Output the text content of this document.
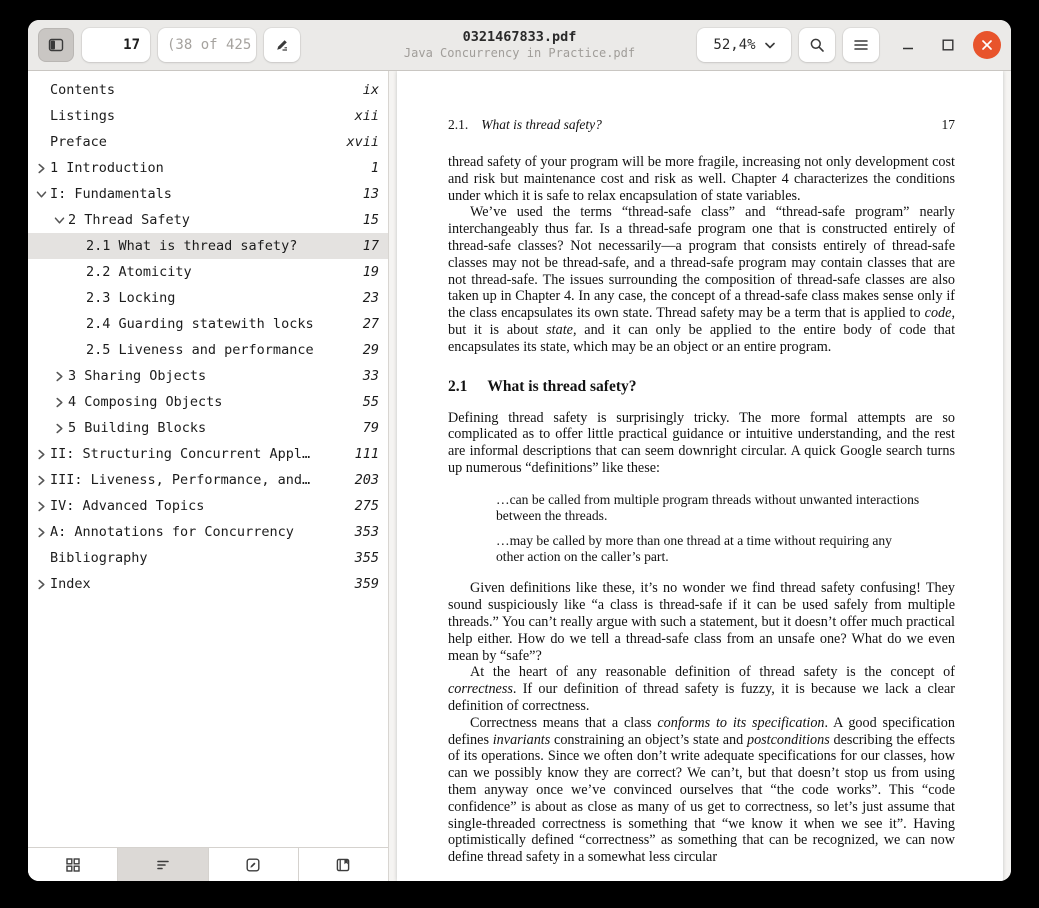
17
(38 of 425	0321467833.pdf
Java Concurrency in Practice.pdf	52,4%
Contents	ix
Listings	xii
Preface	xvii
1 Introduction	1
I: Fundamentals	13
2 Thread Safety	15
2.1 What is thread safety?	17
2.2 Atomicity	19
2.3 Locking	23
2.4 Guarding statewith locks	27
2.5 Liveness and performance	29
3 Sharing Objects	33
4 Composing Objects	55
5 Building Blocks	79
II: Structuring Concurrent Appl…	111
III: Liveness, Performance, and…	203
IV: Advanced Topics	275
A: Annotations for Concurrency	353
Bibliography	355
Index	359
2.1. What is thread safety?	17

thread safety of your program will be more fragile, increasing not only development cost and risk but maintenance cost and risk as well. Chapter 4 characterizes the conditions under which it is safe to relax encapsulation of state variables.

We’ve used the terms “thread-safe class” and “thread-safe program” nearly interchangeably thus far. Is a thread-safe program one that is constructed entirely of thread-safe classes? Not necessarily—a program that consists entirely of thread-safe classes may not be thread-safe, and a thread-safe program may contain classes that are not thread-safe. The issues surrounding the composition of thread-safe classes are also taken up in Chapter 4. In any case, the concept of a thread-safe class makes sense only if the class encapsulates its own state. Thread safety may be a term that is applied to code, but it is about state, and it can only be applied to the entire body of code that encapsulates its state, which may be an object or an entire program.

2.1 What is thread safety?

Defining thread safety is surprisingly tricky. The more formal attempts are so complicated as to offer little practical guidance or intuitive understanding, and the rest are informal descriptions that can seem downright circular. A quick Google search turns up numerous “definitions” like these:

…can be called from multiple program threads without unwanted interactions between the threads.

…may be called by more than one thread at a time without requiring any other action on the caller’s part.

Given definitions like these, it’s no wonder we find thread safety confusing! They sound suspiciously like “a class is thread-safe if it can be used safely from multiple threads.” You can’t really argue with such a statement, but it doesn’t offer much practical help either. How do we tell a thread-safe class from an unsafe one? What do we even mean by “safe”?

At the heart of any reasonable definition of thread safety is the concept of correctness. If our definition of thread safety is fuzzy, it is because we lack a clear definition of correctness.

Correctness means that a class conforms to its specification. A good specification defines invariants constraining an object’s state and postconditions describing the effects of its operations. Since we often don’t write adequate specifications for our classes, how can we possibly know they are correct? We can’t, but that doesn’t stop us from using them anyway once we’ve convinced ourselves that “the code works”. This “code confidence” is about as close as many of us get to correctness, so let’s just assume that single-threaded correctness is something that “we know it when we see it”. Having optimistically defined “correctness” as something that can be recognized, we can now define thread safety in a somewhat less circular
